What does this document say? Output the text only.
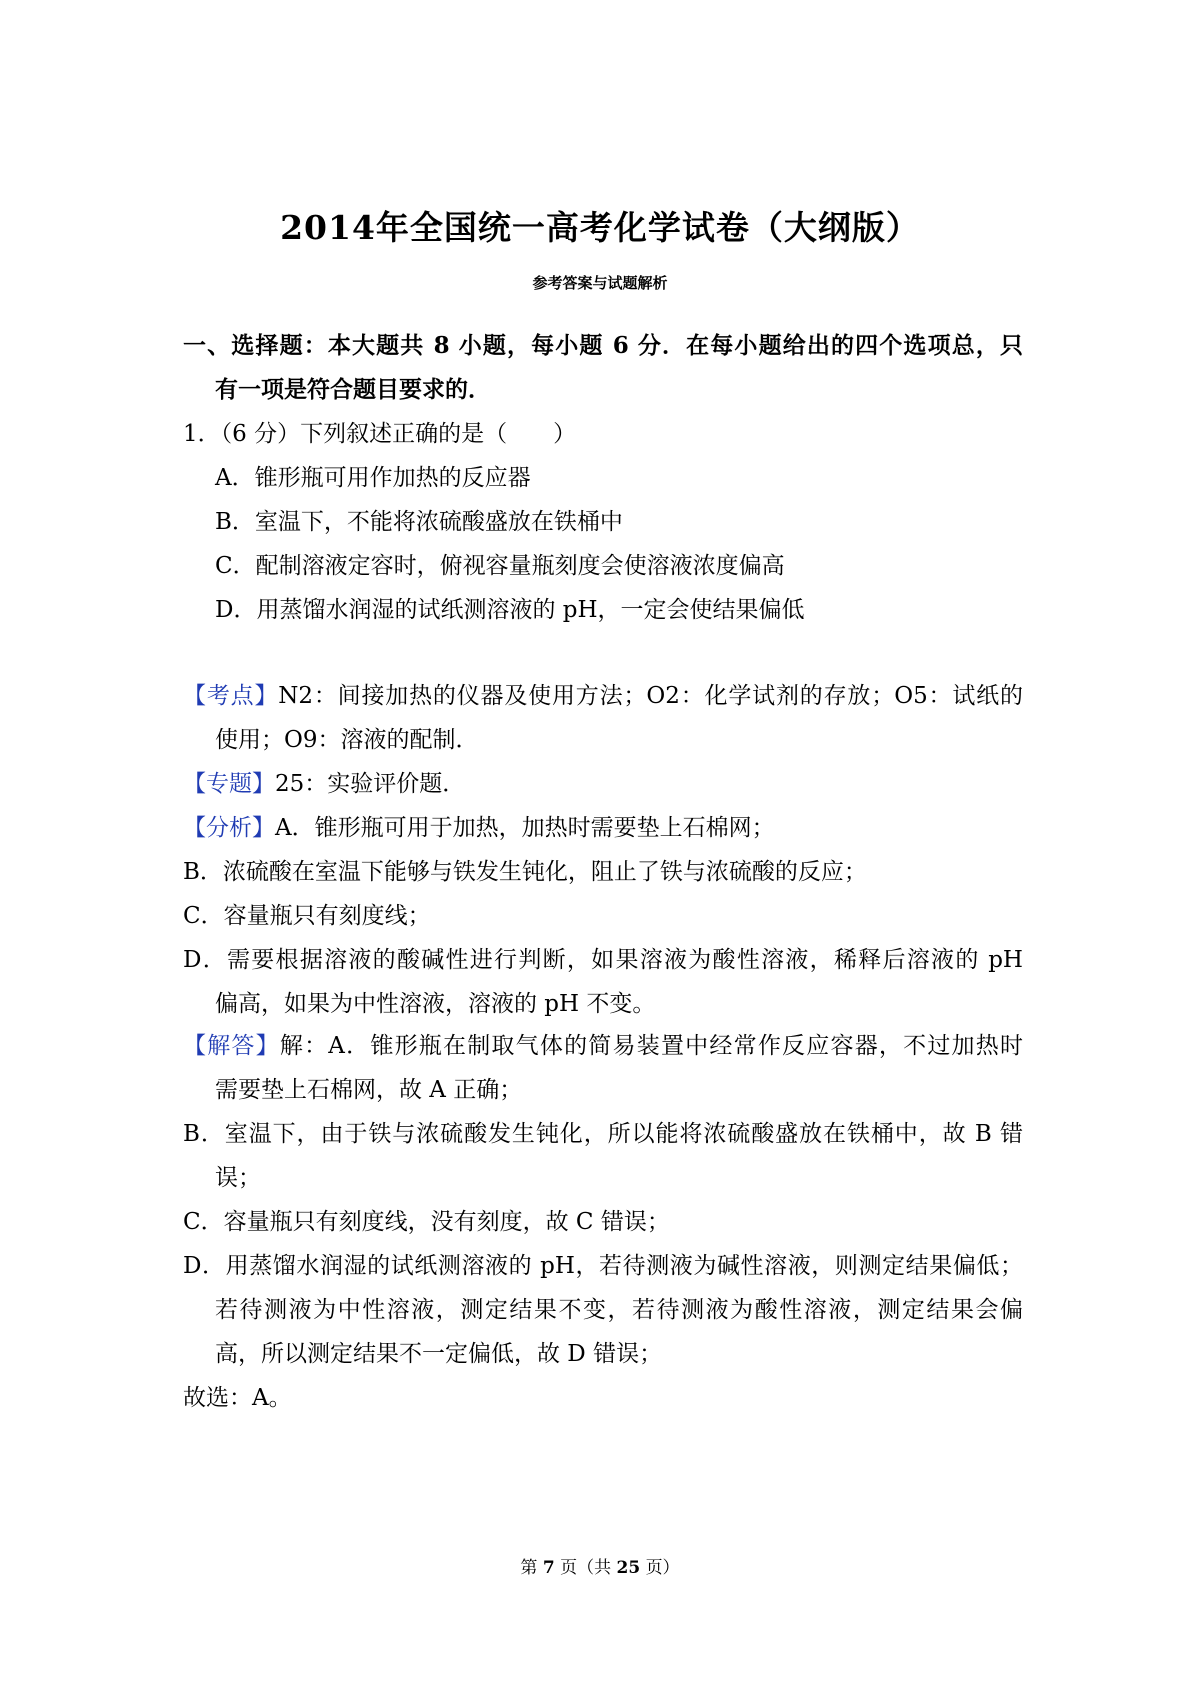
2014年全国统一高考化学试卷（大纲版）
参考答案与试题解析
一、选择题：本大题共 8 小题，每小题 6 分．在每小题给出的四个选项总，只
有一项是符合题目要求的．
1．（6 分）下列叙述正确的是（　　）
A．锥形瓶可用作加热的反应器
B．室温下，不能将浓硫酸盛放在铁桶中
C．配制溶液定容时，俯视容量瓶刻度会使溶液浓度偏高
D．用蒸馏水润湿的试纸测溶液的 pH，一定会使结果偏低
【考点】N2：间接加热的仪器及使用方法；O2：化学试剂的存放；O5：试纸的
使用；O9：溶液的配制．
【专题】25：实验评价题．
【分析】A．锥形瓶可用于加热，加热时需要垫上石棉网；
B．浓硫酸在室温下能够与铁发生钝化，阻止了铁与浓硫酸的反应；
C．容量瓶只有刻度线；
D．需要根据溶液的酸碱性进行判断，如果溶液为酸性溶液，稀释后溶液的 pH
偏高，如果为中性溶液，溶液的 pH 不变。
【解答】解：A．锥形瓶在制取气体的简易装置中经常作反应容器，不过加热时
需要垫上石棉网，故 A 正确；
B．室温下，由于铁与浓硫酸发生钝化，所以能将浓硫酸盛放在铁桶中，故 B 错
误；
C．容量瓶只有刻度线，没有刻度，故 C 错误；
D．用蒸馏水润湿的试纸测溶液的 pH，若待测液为碱性溶液，则测定结果偏低；
若待测液为中性溶液，测定结果不变，若待测液为酸性溶液，测定结果会偏
高，所以测定结果不一定偏低，故 D 错误；
故选：A。
第 7 页（共 25 页）
